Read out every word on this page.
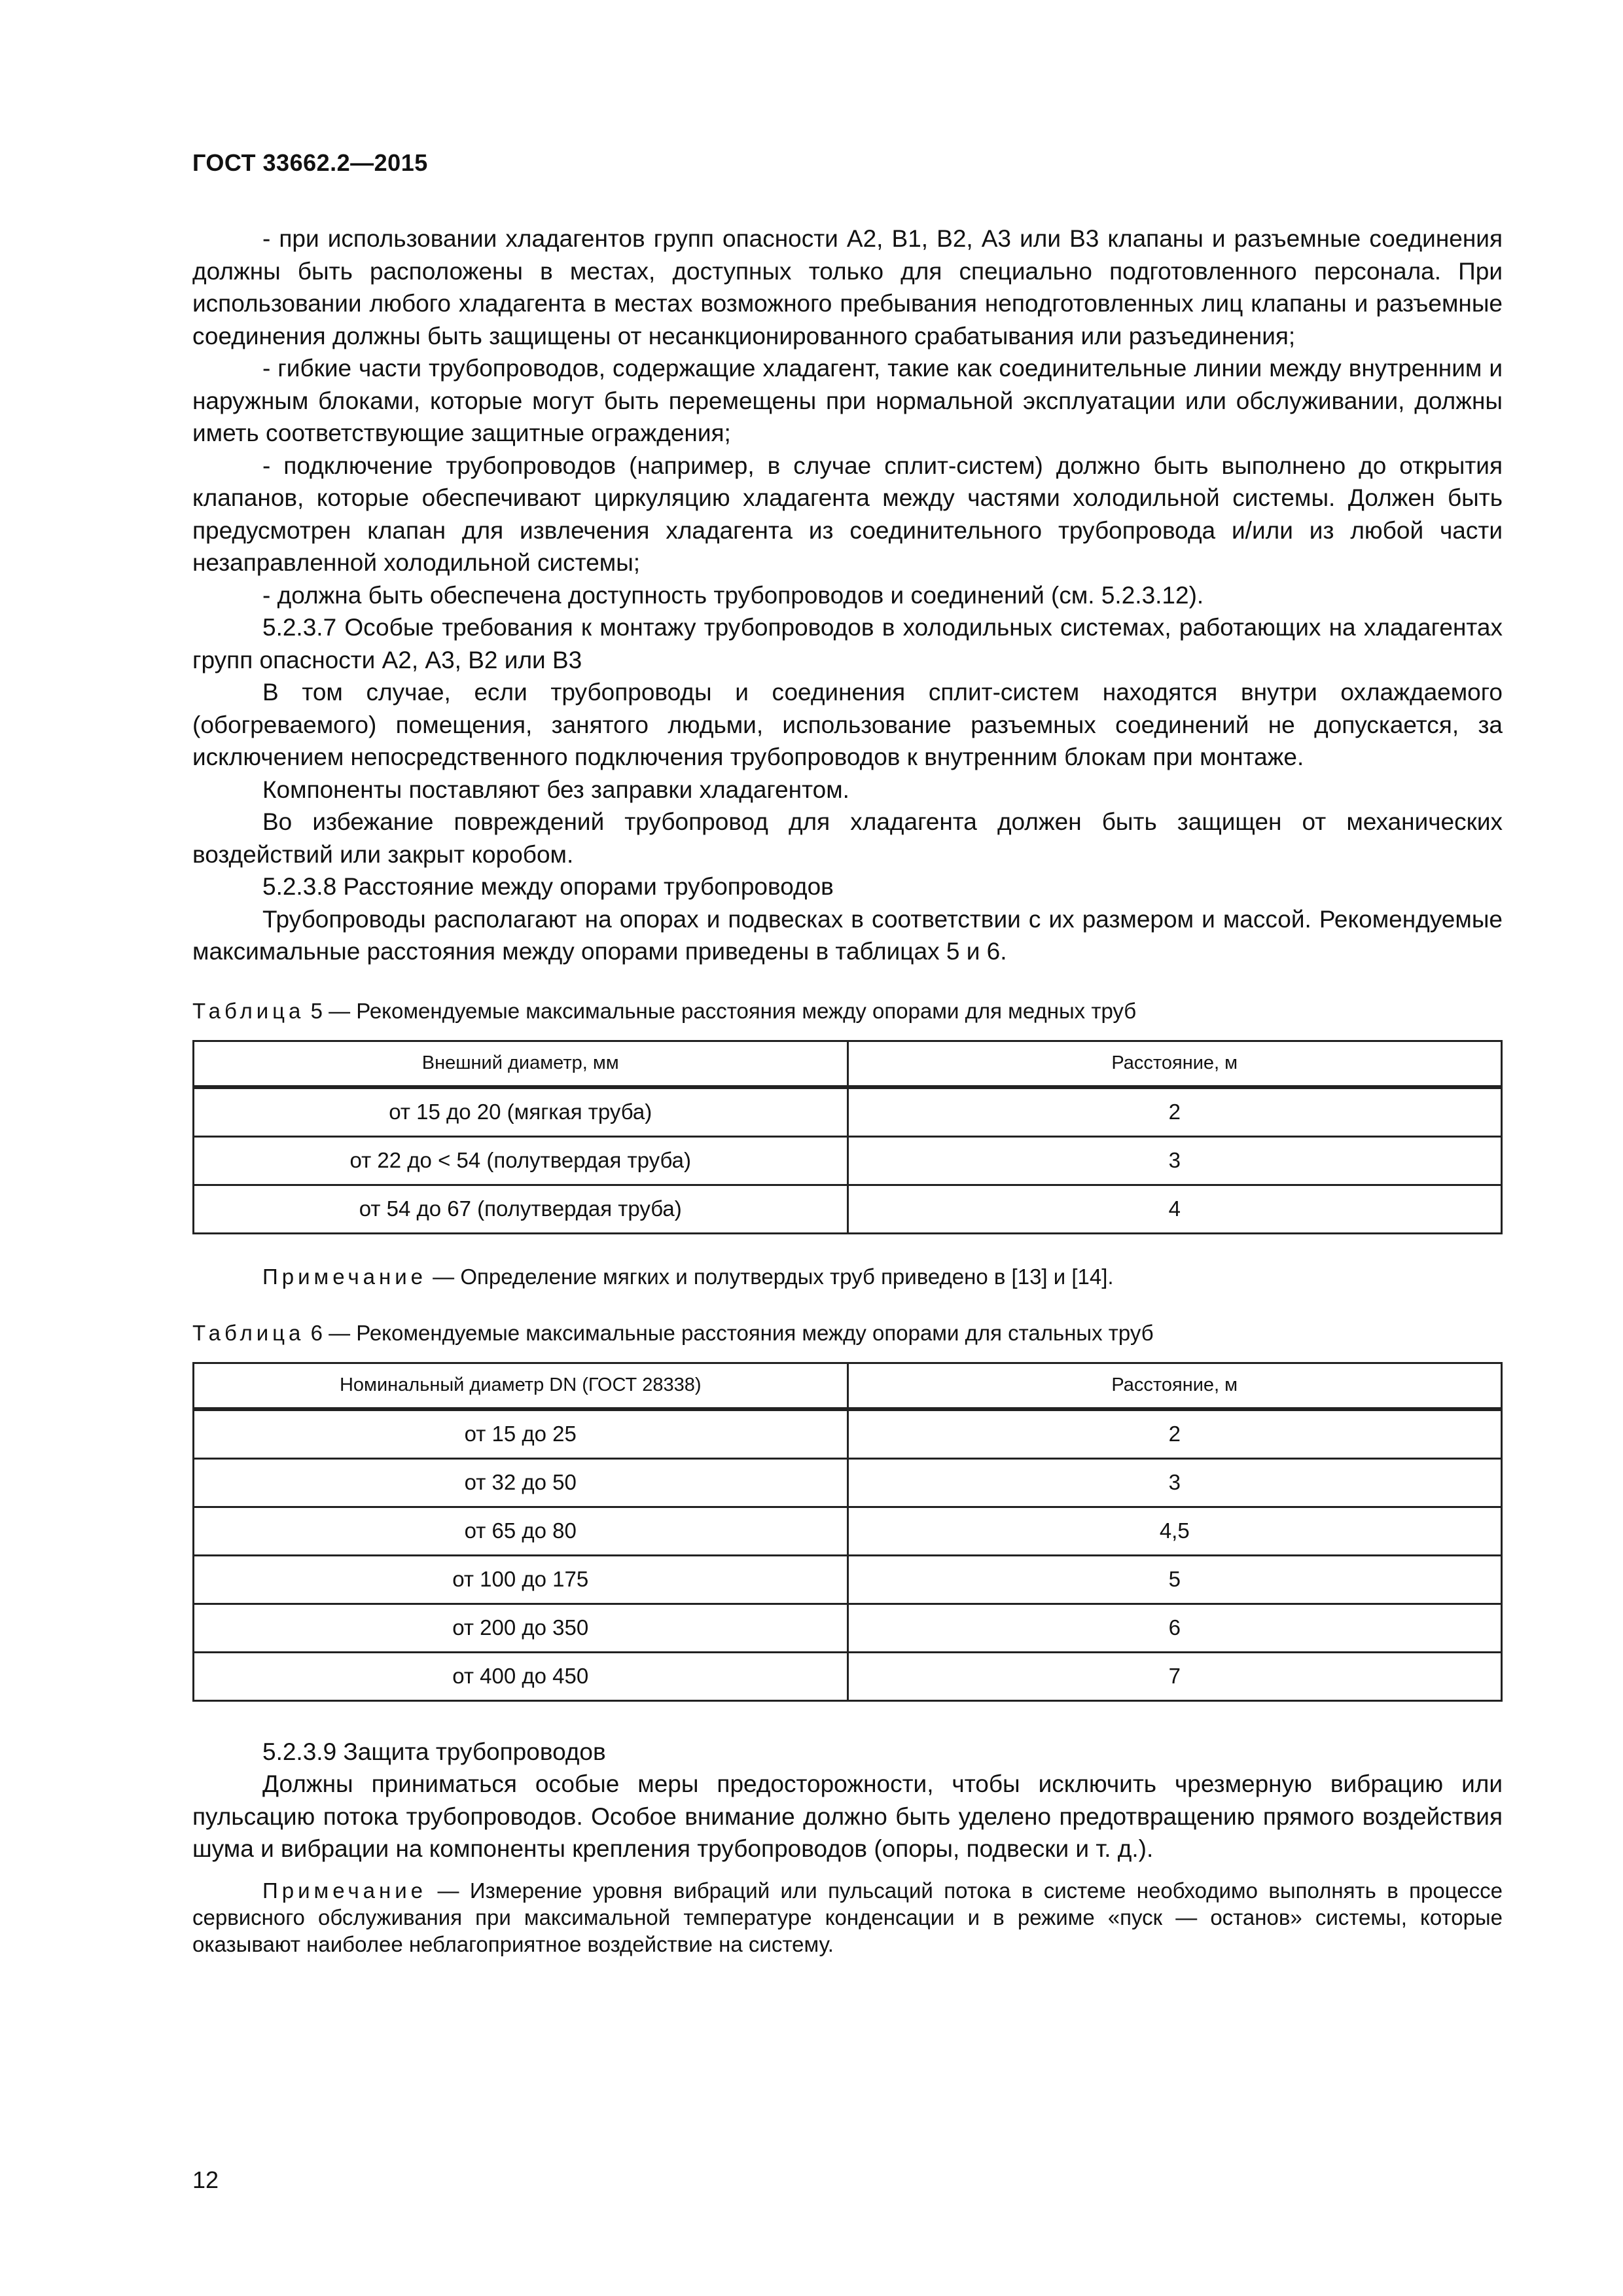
ГОСТ 33662.2—2015

- при использовании хладагентов групп опасности А2, В1, В2, А3 или В3 клапаны и разъемные соединения должны быть расположены в местах, доступных только для специально подготовленного персонала. При использовании любого хладагента в местах возможного пребывания неподготовленных лиц клапаны и разъемные соединения должны быть защищены от несанкционированного срабатывания или разъединения;

- гибкие части трубопроводов, содержащие хладагент, такие как соединительные линии между внутренним и наружным блоками, которые могут быть перемещены при нормальной эксплуатации или обслуживании, должны иметь соответствующие защитные ограждения;

- подключение трубопроводов (например, в случае сплит-систем) должно быть выполнено до открытия клапанов, которые обеспечивают циркуляцию хладагента между частями холодильной системы. Должен быть предусмотрен клапан для извлечения хладагента из соединительного трубопровода и/или из любой части незаправленной холодильной системы;

- должна быть обеспечена доступность трубопроводов и соединений (см. 5.2.3.12).

5.2.3.7 Особые требования к монтажу трубопроводов в холодильных системах, работающих на хладагентах групп опасности А2, А3, В2 или В3

В том случае, если трубопроводы и соединения сплит-систем находятся внутри охлаждаемого (обогреваемого) помещения, занятого людьми, использование разъемных соединений не допускается, за исключением непосредственного подключения трубопроводов к внутренним блокам при монтаже.

Компоненты поставляют без заправки хладагентом.

Во избежание повреждений трубопровод для хладагента должен быть защищен от механических воздействий или закрыт коробом.

5.2.3.8 Расстояние между опорами трубопроводов

Трубопроводы располагают на опорах и подвесках в соответствии с их размером и массой. Рекомендуемые максимальные расстояния между опорами приведены в таблицах 5 и 6.

Таблица 5 — Рекомендуемые максимальные расстояния между опорами для медных труб

Внешний диаметр, мм	Расстояние, м
от 15 до 20 (мягкая труба)	2
от 22 до < 54 (полутвердая труба)	3
от 54 до 67 (полутвердая труба)	4

Примечание — Определение мягких и полутвердых труб приведено в [13] и [14].

Таблица 6 — Рекомендуемые максимальные расстояния между опорами для стальных труб

Номинальный диаметр DN (ГОСТ 28338)	Расстояние, м
от 15 до 25	2
от 32 до 50	3
от 65 до 80	4,5
от 100 до 175	5
от 200 до 350	6
от 400 до 450	7

5.2.3.9 Защита трубопроводов

Должны приниматься особые меры предосторожности, чтобы исключить чрезмерную вибрацию или пульсацию потока трубопроводов. Особое внимание должно быть уделено предотвращению прямого воздействия шума и вибрации на компоненты крепления трубопроводов (опоры, подвески и т. д.).

Примечание — Измерение уровня вибраций или пульсаций потока в системе необходимо выполнять в процессе сервисного обслуживания при максимальной температуре конденсации и в режиме «пуск — останов» системы, которые оказывают наиболее неблагоприятное воздействие на систему.

12
